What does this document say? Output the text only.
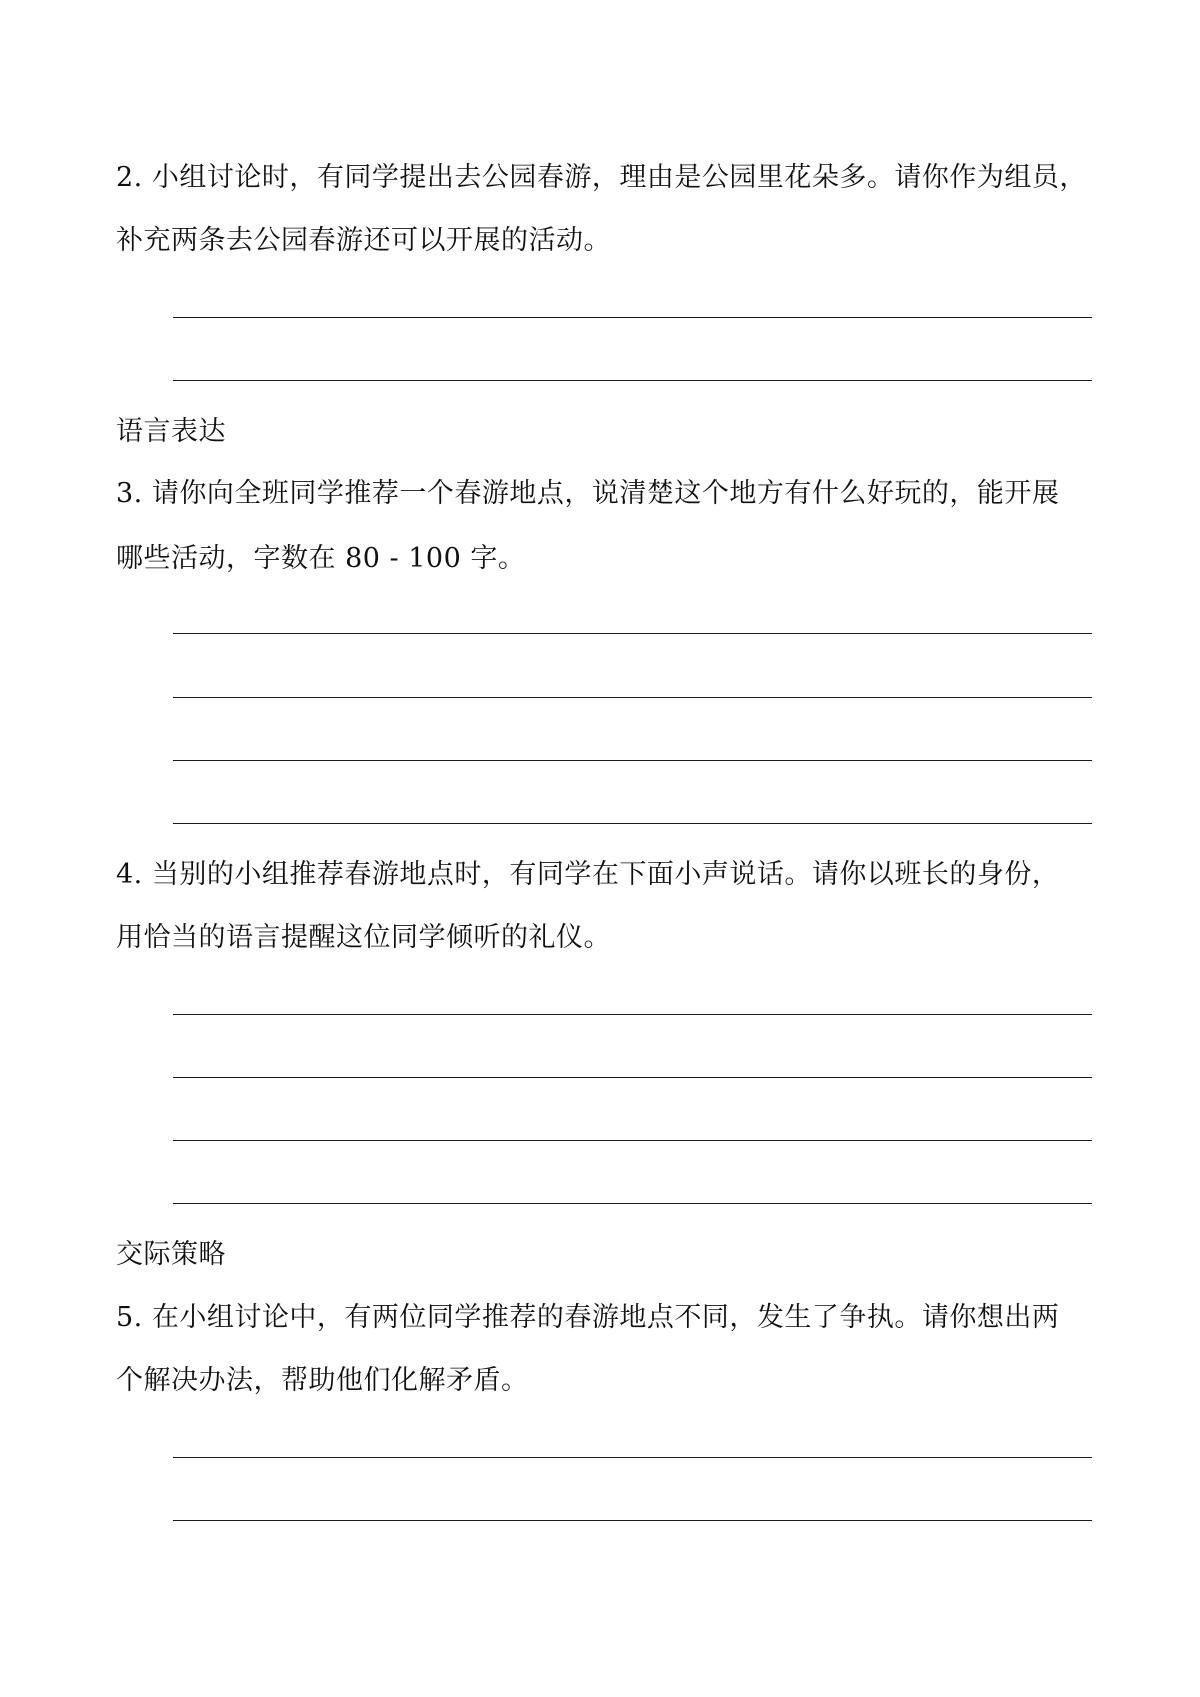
2. 小组讨论时，有同学提出去公园春游，理由是公园里花朵多。请你作为组员，
补充两条去公园春游还可以开展的活动。
语言表达
3. 请你向全班同学推荐一个春游地点，说清楚这个地方有什么好玩的，能开展
哪些活动，字数在 80 - 100 字。
4. 当别的小组推荐春游地点时，有同学在下面小声说话。请你以班长的身份，
用恰当的语言提醒这位同学倾听的礼仪。
交际策略
5. 在小组讨论中，有两位同学推荐的春游地点不同，发生了争执。请你想出两
个解决办法，帮助他们化解矛盾。
